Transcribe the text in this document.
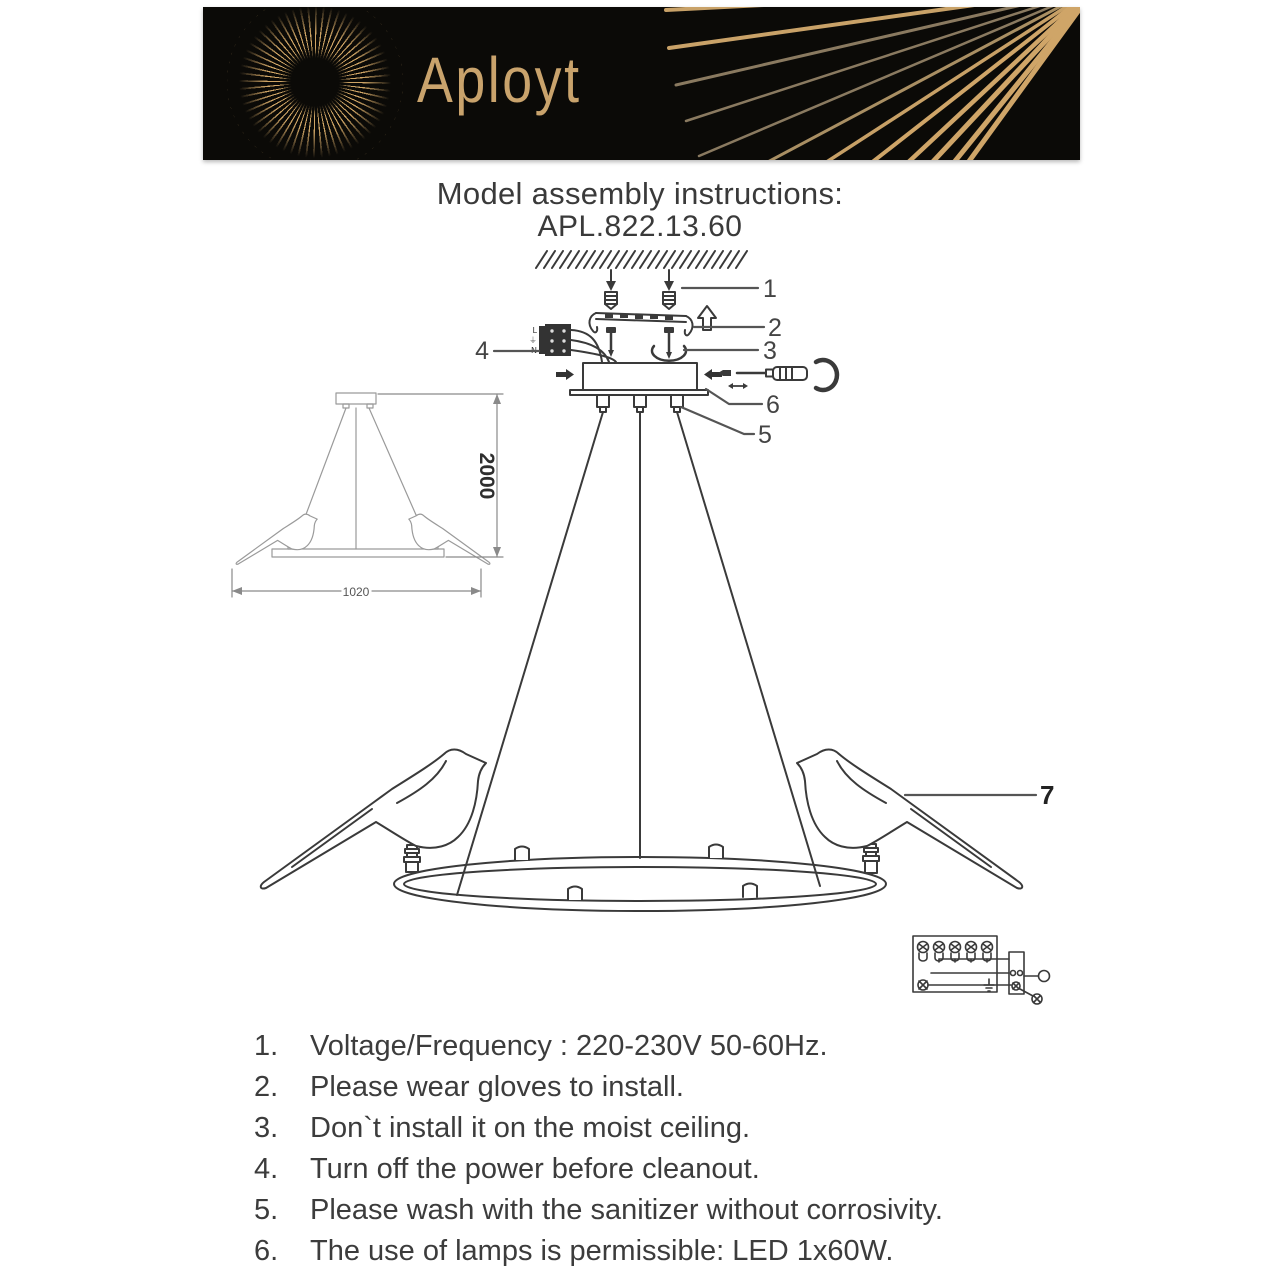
Aployt
Model assembly instructions:
APL.822.13.60
L
⏚
N
1
2
3
4
5
6
7
2000
1020
1.	Voltage/Frequency : 220-230V 50-60Hz.
2.	Please wear gloves to install.
3.	Don`t install it on the moist ceiling.
4.	Turn off the power before cleanout.
5.	Please wash with the sanitizer without corrosivity.
6.	The use of lamps is permissible: LED 1x60W.
